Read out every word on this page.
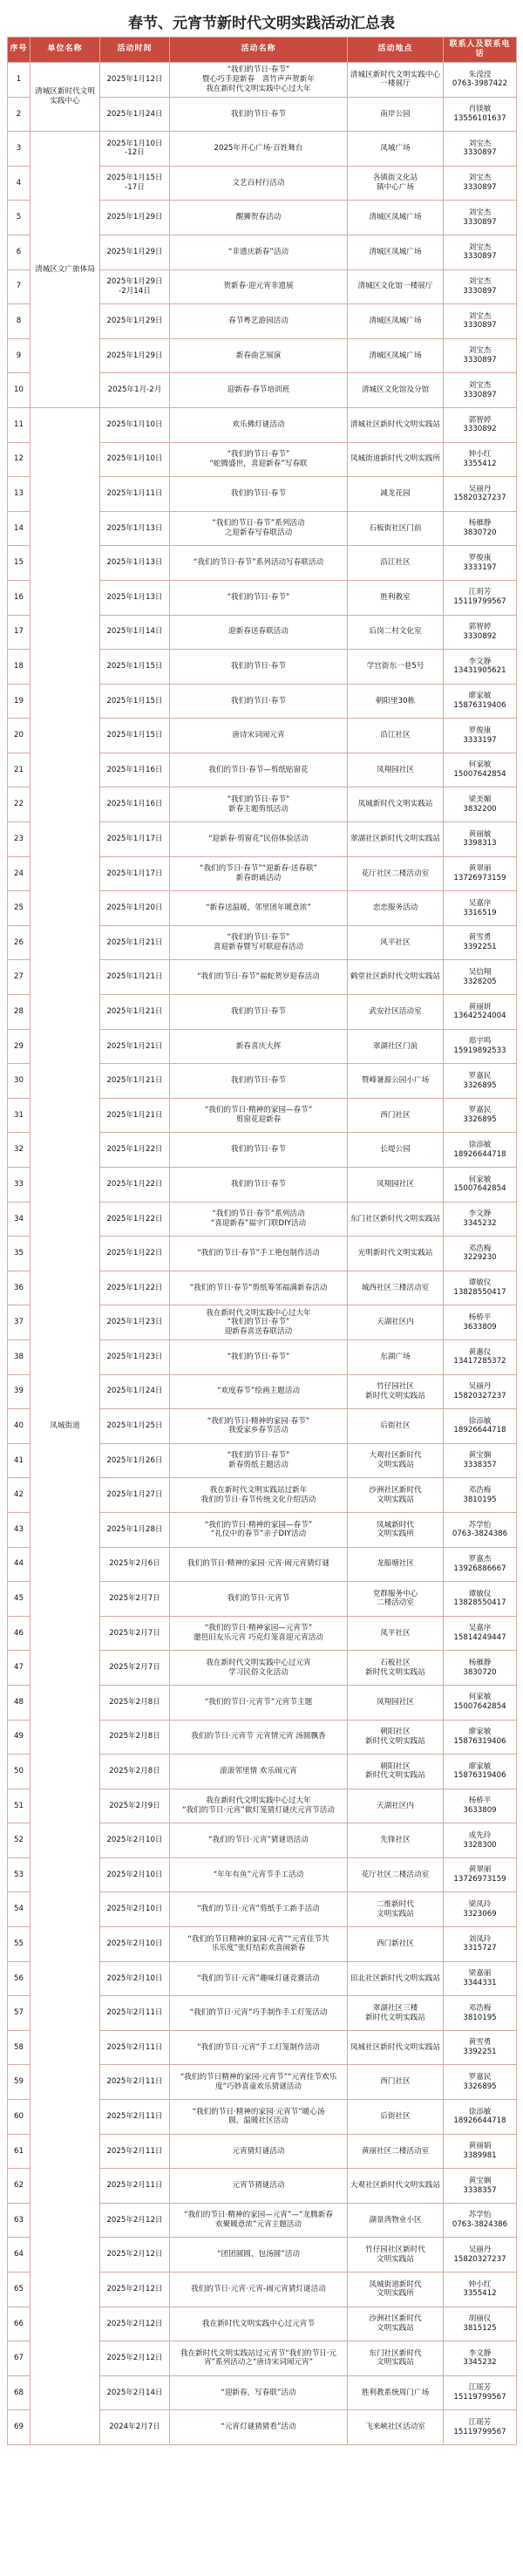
春节、元宵节新时代文明实践活动汇总表
序号	单位名称	活动时间	活动名称	活动地点	联系人及联系电话
1	清城区新时代文明实践中心	2025年1月12日	“我们的节日·春节”
暨心巧手迎新春　喜竹声声贺新年
我在新时代文明实践中心过大年	清城区新时代文明实践中心一楼展厅	朱滢滢
0763-3987422
2		2025年1月24日	我们的节日·春节	南岸公园	肖镁敏
13556101637
3	清城区文广旅体局	2025年1月10日
-12日	2025年开心广场·百姓舞台	凤城广场	刘宝杰
3330897
4		2025年1月15日
-17日	文艺百村行活动	各镇街文化站
镇中心广场	刘宝杰
3330897
5		2025年1月29日	醒狮贺春活动	清城区凤城广场	刘宝杰
3330897
6		2025年1月29日	“非遗庆新春”活动	清城区凤城广场	刘宝杰
3330897
7		2025年1月29日
-2月14日	贺新春·迎元宵非遗展	清城区文化馆一楼展厅	刘宝杰
3330897
8		2025年1月29日	春节粤艺游园活动	清城区凤城广场	刘宝杰
3330897
9		2025年1月29日	新春曲艺展演	清城区凤城广场	刘宝杰
3330897
10		2025年1月-2月	迎新春·春节培训班	清城区文化馆及分馆	刘宝杰
3330897
11	凤城街道	2025年1月10日	欢乐佛灯谜活动	清城社区新时代文明实践站	郭智婷
3330892
12		2025年1月10日	“我们的节日·春节”
“蛇腾盛世，喜迎新春”写春联	凤城街道新时代文明实践所	钟小红
3355412
13		2025年1月11日	我们的节日·春节	减龙花园	吴丽丹
15820327237
14		2025年1月13日	“我们的节日·春节”系列活动
之迎新春写春联活动	石板街社区门前	杨雁静
3830720
15		2025年1月13日	“我们的节日·春节”系列活动写春联活动	沿江社区	罗俊康
3333197
16		2025年1月13日	“我们的节日·春节”	胜利教室	江玥芳
15119799567
17		2025年1月14日	迎新春送春联活动	后岗二村文化室	郭智婷
3330892
18		2025年1月15日	我们的节日·春节	学宫街东一巷5号	李文静
13431905621
19		2025年1月15日	我们的节日·春节	朝阳里30栋	廖家敏
15876319406
20		2025年1月15日	唐诗宋词闹元宵	沿江社区	罗俊康
3333197
21		2025年1月16日	我们的节日·春节—剪纸贴窗花	凤翔园社区	何家敏
15007642854
22		2025年1月16日	“我们的节日·春节”
新春主题剪纸活动	凤城新时代文明实践站	梁美媚
3832200
23		2025年1月17日	“迎新春·剪窗花”民俗体验活动	翠湖社区新时代文明实践站	黄丽敏
3398313
24		2025年1月17日	“我们的节日·春节”“迎新春·送春联”
新春朗诵活动	花厅社区二楼活动室	黄翠丽
13726973159
25		2025年1月20日	“新春送温暖，邻里团年暖意浓”	恋恋服务活动	吴嘉序
3316519
26		2025年1月21日	“我们的节日·春节”
喜迎新春暨写对联迎春活动	风平社区	黄雪勇
3392251
27		2025年1月21日	“我们的节日·春节”福蛇贺岁迎春活动	鹤堂社区新时代文明实践站	吴信翔
3328205
28		2025年1月21日	我们的节日·春节	武安社区活动室	黄丽妍
13642524004
29		2025年1月21日	新春喜庆大挥	翠湖社区门前	郑宇鸣
15919892533
30		2025年1月21日	我们的节日·春节	赞峰暑源公园小广场	罗嘉民
3326895
31		2025年1月21日	“我们的节日·精神的家园—春节”
剪窗花迎新春	西门社区	罗嘉民
3326895
32		2025年1月22日	我们的节日·春节	长堤公园	徐添敏
18926644718
33		2025年1月22日	我们的节日·春节	凤翔园社区	何家敏
15007642854
34		2025年1月22日	“我们的节日·春节”系列活动
“喜迎新春”福字门联DIY活动	东门社区新时代文明实践站	李文静
3345232
35		2025年1月22日	“我们的节日·春节”手工艳包制作活动	光明新时代文明实践站	邓浩梅
3229230
36		2025年1月22日	“我们的节日·春节”剪纸筹邻福满新春活动	城西社区三楼活动室	谭敏仪
13828550417
37		2025年1月23日	我在新时代文明实践中心过大年
“我们的节日·春节”
迎新春喜送春联活动	天湖社区内	杨桥平
3633809
38		2025年1月23日	“我们的节日·春节”	东湖广场	黄惠仪
13417285372
39		2025年1月24日	“欢度春节”绘画主题活动	竹仔园社区
新时代文明实践站	吴丽丹
15820327237
40		2025年1月25日	“我们的节日·精神的家园·春节”
我爱家乡春节活动	后街社区	徐添敏
18926644718
41		2025年1月26日	“我们的节日·春节”
新春剪纸主题活动	大观社区新时代
文明实践站	黄宝娴
3338357
42		2025年1月27日	我在新时代文明实践站过新年
我们的节日·春节传统文化介绍活动	沙洲社区新时代
文明实践站	邓浩梅
3810195
43		2025年1月28日	“我们的节日·精神的家园—春节”
“礼仪中的春节”亲子DIY活动	凤城新时代
文明实践所	苏学怡
0763-3824386
44		2025年2月6日	我们的节日·精神的家园·元宵·闹元宵猜灯谜	龙船塘社区	罗嘉杰
13926886667
45		2025年2月7日	我们的节日·元宵节	党群服务中心
二楼活动室	谭敏仪
13828550417
46		2025年2月7日	“我们的节日·精神家园—元宵节”
邀邑旧友乐元宵 巧克灯笼喜迎元宵活动	凤平社区	吴嘉序
15814249447
47		2025年2月7日	我在新时代文明实践中心过元宵
学习民俗文化活动	石板社区
新时代文明实践站	杨雁静
3830720
48		2025年2月8日	“我们的节日·元宵节”元宵节主题	凤翔园社区	何家敏
15007642854
49		2025年2月8日	我们的节日·元宵节 元宵情元宵 汤圆飘香	朝阳社区
新时代文明实践站	廖家敏
15876319406
50		2025年2月8日	滚滚邻里情 欢乐闹元宵	朝阳社区
新时代文明实践站	廖家敏
15876319406
51		2025年2月9日	我在新时代文明实践中心过大年
“我们的节日·元宵”做灯笼猜灯谜庆元宵节活动	天湖社区内	杨桥平
3633809
52		2025年2月10日	“我们的节日·元宵”猜谜语活动	先锋社区	成先玲
3328300
53		2025年2月10日	“年年有鱼”元宵节手工活动	花厅社区二楼活动室	黄翠丽
13726973159
54		2025年2月10日	“我们的节日·元宵”剪纸手工新手活动	二维新时代
文明实践站	梁凤玲
3323069
55		2025年2月10日	“我们的节日精神的家园·元宵”“元宵佳节共
乐乐度”张灯结彩欢喜闹新春	西门新社区	刘凤玲
3315727
56		2025年2月10日	“我们的节日·元宵”趣味灯谜竞赛活动	田北社区新时代文明实践站	梁嘉丽
3344331
57		2025年2月11日	“我们的节日·元宵”巧手制作手工灯笼活动	翠湖社区三楼
新时代文明实践站	邓浩梅
3810195
58		2025年2月11日	“我们的节日·元宵”手工灯笼制作活动	凤城社区新时代文明实践站	黄雪勇
3392251
59		2025年2月11日	“我们的节日精神的家园·元宵节”“元宵佳节欢乐
度”巧妙喜童欢乐猜谜活动	西门社区	罗嘉民
3326895
60		2025年2月11日	“我们的节日·精神的家园·元宵节”暖心汤
圆，温暖社区活动	后街社区	徐添敏
18926644718
61		2025年2月11日	元宵猜灯谜活动	黄丽社区二楼活动室	黄丽娟
3389981
62		2025年2月11日	元宵节猜谜活动	大观社区新时代文明实践站	黄宝娴
3338357
63		2025年2月12日	“我们的节日·精神的家园—元宵”—“龙腾新春
欢聚暖意浓”元宵主题活动	湖景湾物业小区	苏学怡
0763-3824386
64		2025年2月12日	“团团圆圆，包汤圆”活动	竹仔园社区新时代
文明实践站	吴丽丹
15820327237
65		2025年2月12日	我们的节日·元宵·元宵-闹元宵猜灯谜活动	凤城街道新时代
文明实践所	钟小红
3355412
66		2025年2月12日	我在新时代文明实践中心过元宵节	沙洲社区新时代
文明实践站	胡丽仪
3815125
67		2025年2月12日	我在新时代文明实践站过元宵节“我们的节日·元
宵”系列活动之“唐诗宋词闹元宵”	东门社区新时代
文明实践站	李文静
3345232
68		2025年2月14日	“迎新春，写春联”活动	胜利教系统周门广场	江瑶芳
15119799567
69		2024年2月7日	“元宵灯谜猜猜看”活动	飞来峡社区活动室	江瑶芳
15119799567
